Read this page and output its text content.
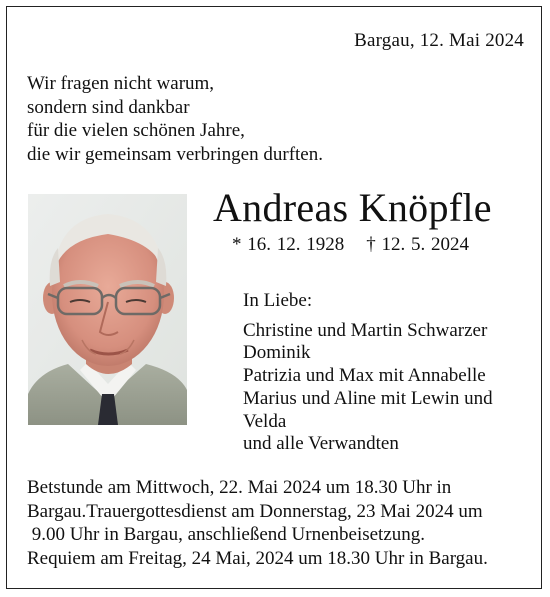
Bargau, 12. Mai 2024
Wir fragen nicht warum,
sondern sind dankbar
für die vielen schönen Jahre,
die wir gemeinsam verbringen durften.
Andreas Knöpfle
* 16. 12. 1928 † 12. 5. 2024
In Liebe:
Christine und Martin Schwarzer
Dominik
Patrizia und Max mit Annabelle
Marius und Aline mit Lewin und
Velda
und alle Verwandten
Betstunde am Mittwoch, 22. Mai 2024 um 18.30 Uhr in
Bargau.Trauergottesdienst am Donnerstag, 23 Mai 2024 um
9.00 Uhr in Bargau, anschließend Urnenbeisetzung.
Requiem am Freitag, 24 Mai, 2024 um 18.30 Uhr in Bargau.
